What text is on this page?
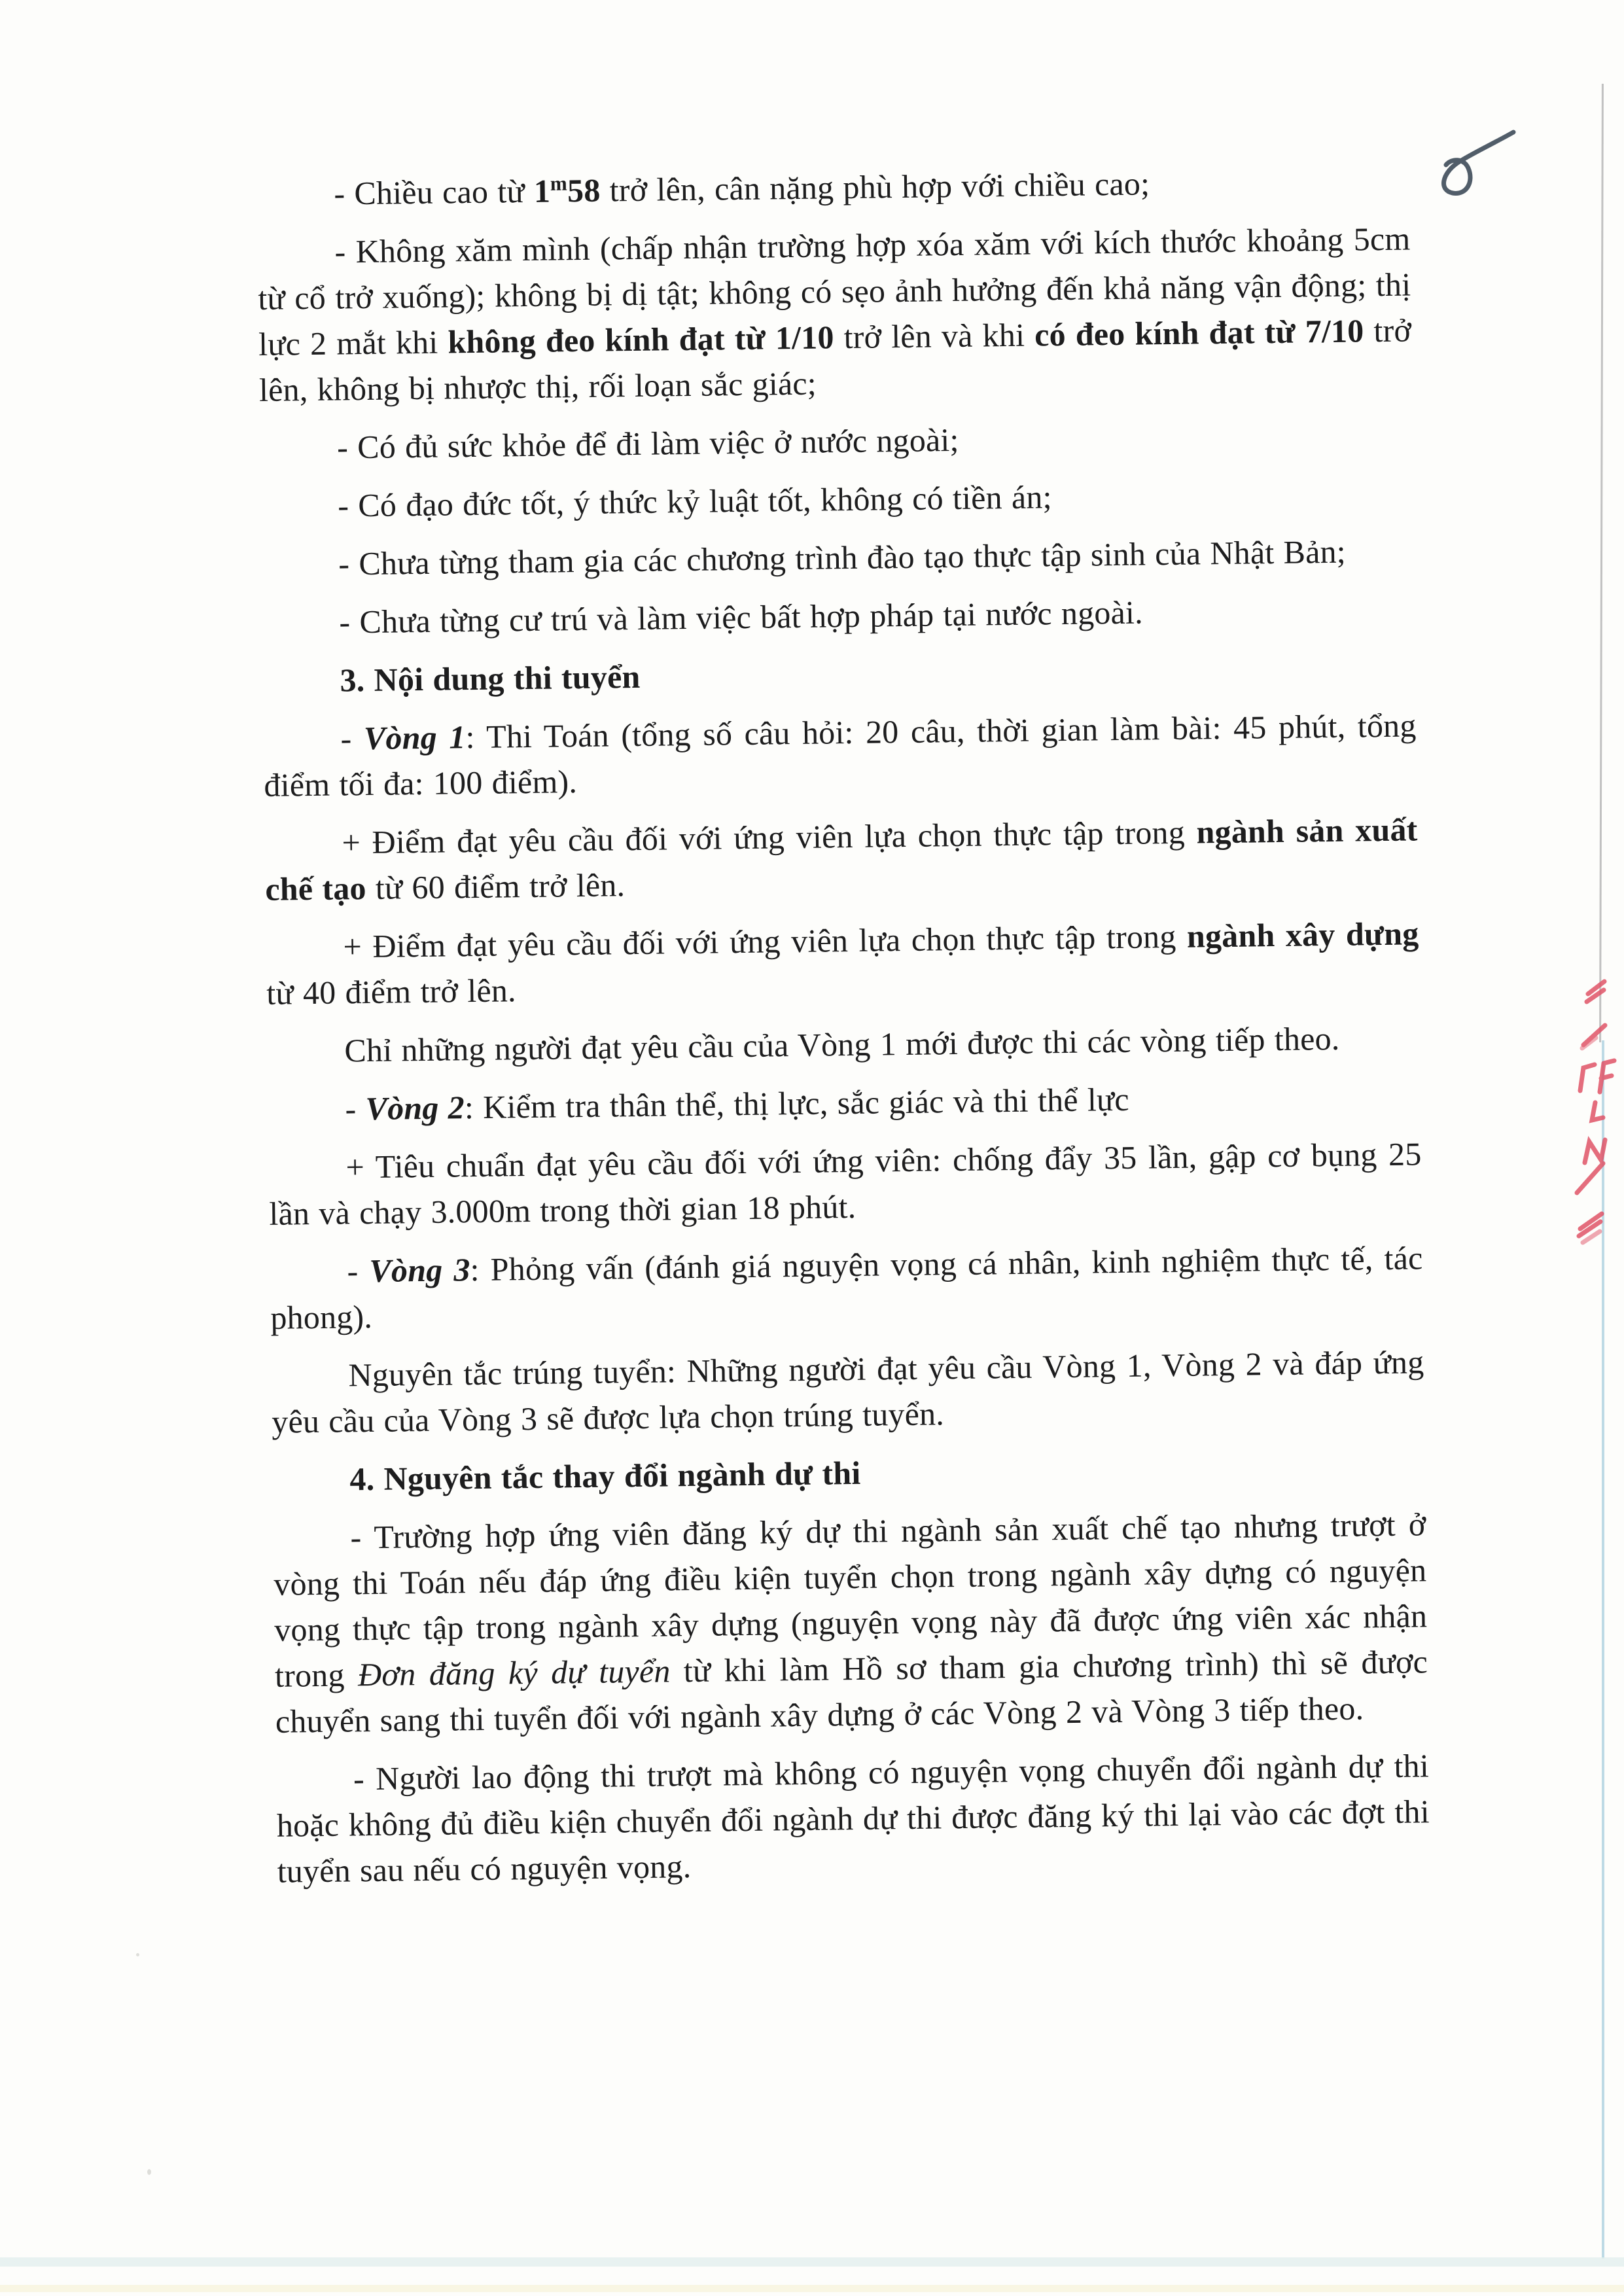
- Chiều cao từ 1$^m$58 trở lên, cân nặng phù hợp với chiều cao;

- Không xăm mình (chấp nhận trường hợp xóa xăm với kích thước khoảng 5cm từ cổ trở xuống); không bị dị tật; không có sẹo ảnh hưởng đến khả năng vận động; thị lực 2 mắt khi không đeo kính đạt từ 1/10 trở lên và khi có đeo kính đạt từ 7/10 trở lên, không bị nhược thị, rối loạn sắc giác;

- Có đủ sức khỏe để đi làm việc ở nước ngoài;

- Có đạo đức tốt, ý thức kỷ luật tốt, không có tiền án;

- Chưa từng tham gia các chương trình đào tạo thực tập sinh của Nhật Bản;

- Chưa từng cư trú và làm việc bất hợp pháp tại nước ngoài.

3. Nội dung thi tuyển

- Vòng 1: Thi Toán (tổng số câu hỏi: 20 câu, thời gian làm bài: 45 phút, tổng điểm tối đa: 100 điểm).

+ Điểm đạt yêu cầu đối với ứng viên lựa chọn thực tập trong ngành sản xuất chế tạo từ 60 điểm trở lên.

+ Điểm đạt yêu cầu đối với ứng viên lựa chọn thực tập trong ngành xây dựng từ 40 điểm trở lên.

Chỉ những người đạt yêu cầu của Vòng 1 mới được thi các vòng tiếp theo.

- Vòng 2: Kiểm tra thân thể, thị lực, sắc giác và thi thể lực

+ Tiêu chuẩn đạt yêu cầu đối với ứng viên: chống đẩy 35 lần, gập cơ bụng 25 lần và chạy 3.000m trong thời gian 18 phút.

- Vòng 3: Phỏng vấn (đánh giá nguyện vọng cá nhân, kinh nghiệm thực tế, tác phong).

Nguyên tắc trúng tuyển: Những người đạt yêu cầu Vòng 1, Vòng 2 và đáp ứng yêu cầu của Vòng 3 sẽ được lựa chọn trúng tuyển.

4. Nguyên tắc thay đổi ngành dự thi

- Trường hợp ứng viên đăng ký dự thi ngành sản xuất chế tạo nhưng trượt ở vòng thi Toán nếu đáp ứng điều kiện tuyển chọn trong ngành xây dựng có nguyện vọng thực tập trong ngành xây dựng (nguyện vọng này đã được ứng viên xác nhận trong Đơn đăng ký dự tuyển từ khi làm Hồ sơ tham gia chương trình) thì sẽ được chuyển sang thi tuyển đối với ngành xây dựng ở các Vòng 2 và Vòng 3 tiếp theo.

- Người lao động thi trượt mà không có nguyện vọng chuyển đổi ngành dự thi hoặc không đủ điều kiện chuyển đổi ngành dự thi được đăng ký thi lại vào các đợt thi tuyển sau nếu có nguyện vọng.
